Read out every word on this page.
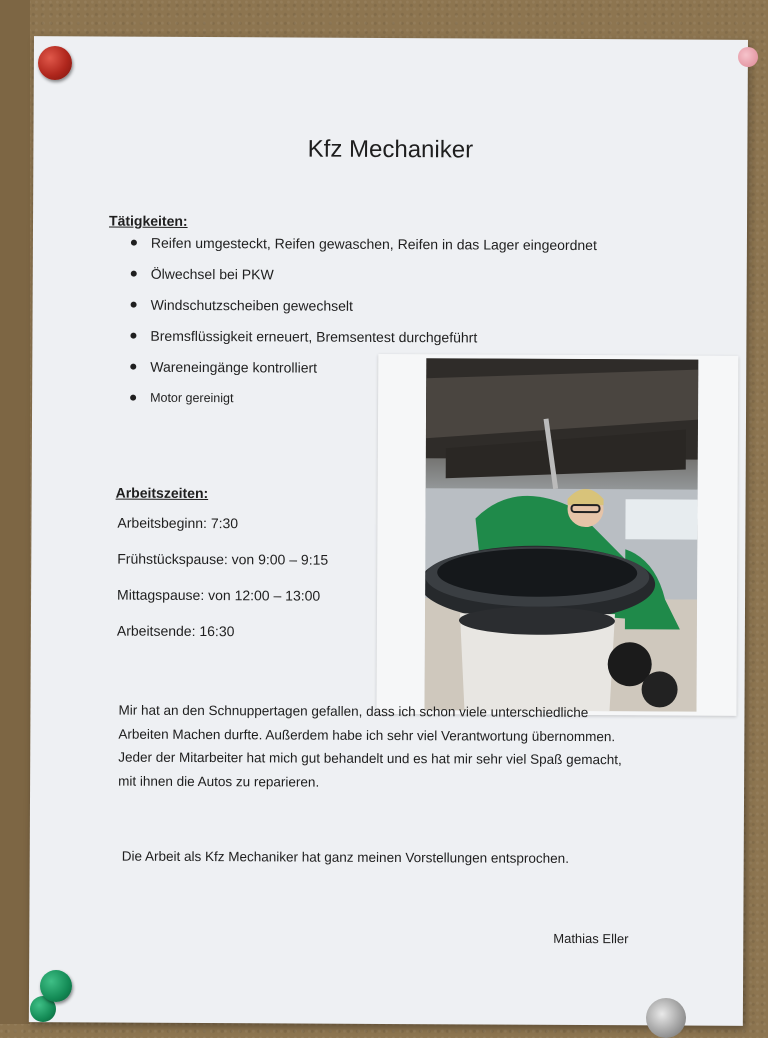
Kfz Mechaniker
Tätigkeiten:
Reifen umgesteckt, Reifen gewaschen, Reifen in das Lager eingeordnet
Ölwechsel bei PKW
Windschutzscheiben gewechselt
Bremsflüssigkeit erneuert, Bremsentest durchgeführt
Wareneingänge kontrolliert
Motor gereinigt
Arbeitszeiten:
Arbeitsbeginn: 7:30
Frühstückspause: von 9:00 – 9:15
Mittagspause: von 12:00 – 13:00
Arbeitsende: 16:30
Mir hat an den Schnuppertagen gefallen, dass ich schon viele unterschiedliche
Arbeiten Machen durfte. Außerdem habe ich sehr viel Verantwortung übernommen.
Jeder der Mitarbeiter hat mich gut behandelt und es hat mir sehr viel Spaß gemacht,
mit ihnen die Autos zu reparieren.
Die Arbeit als Kfz Mechaniker hat ganz meinen Vorstellungen entsprochen.
Mathias Eller
